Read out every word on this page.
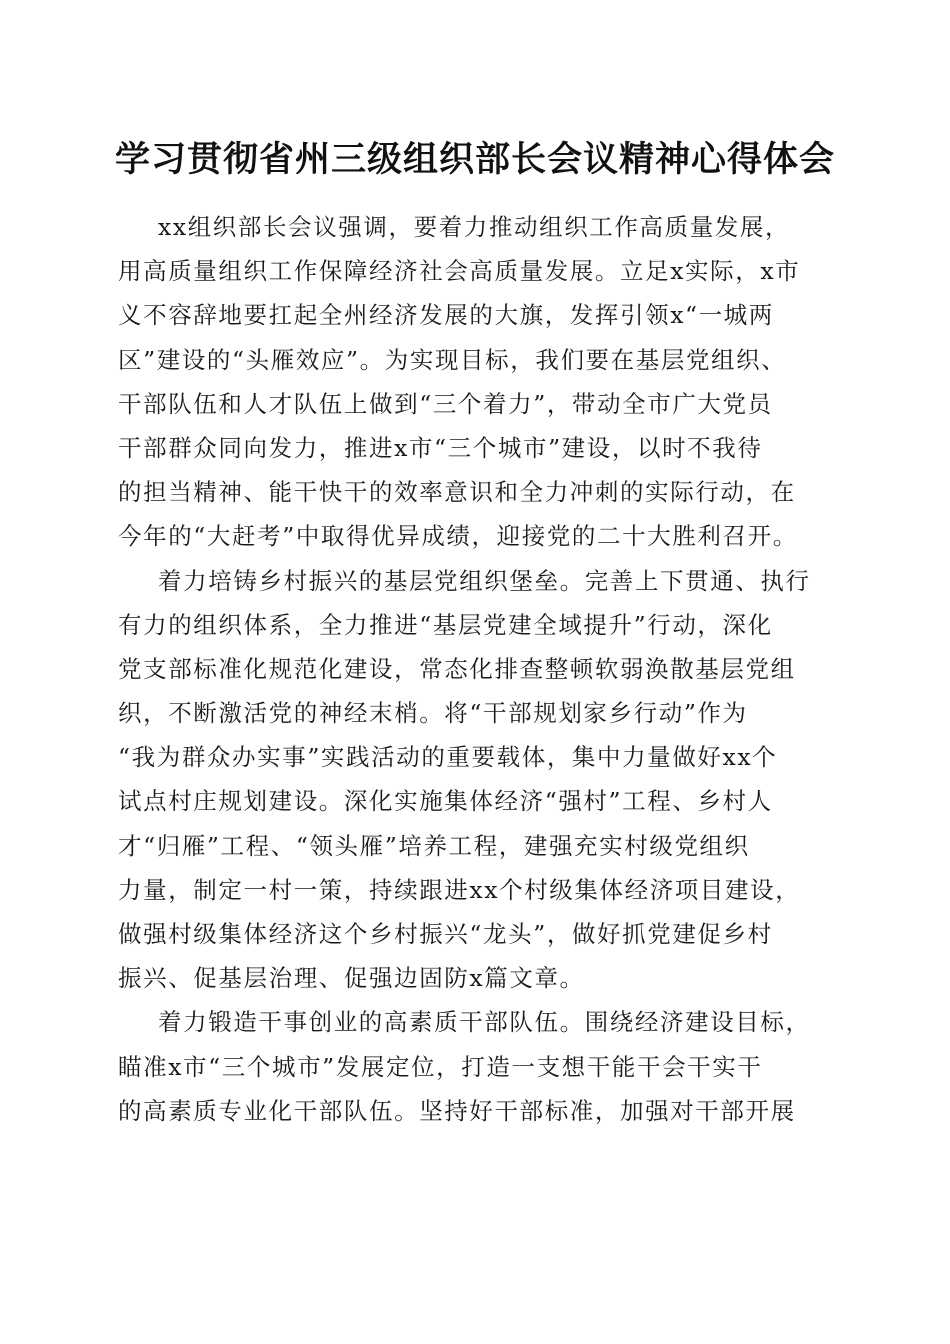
学习贯彻省州三级组织部长会议精神心得体会
xx组织部长会议强调，要着力推动组织工作高质量发展，
用高质量组织工作保障经济社会高质量发展。立足x实际，x市
义不容辞地要扛起全州经济发展的大旗，发挥引领x“一城两
区”建设的“头雁效应”。为实现目标，我们要在基层党组织、
干部队伍和人才队伍上做到“三个着力”，带动全市广大党员
干部群众同向发力，推进x市“三个城市”建设，以时不我待
的担当精神、能干快干的效率意识和全力冲刺的实际行动，在
今年的“大赶考”中取得优异成绩，迎接党的二十大胜利召开。
着力培铸乡村振兴的基层党组织堡垒。完善上下贯通、执行
有力的组织体系，全力推进“基层党建全域提升”行动，深化
党支部标准化规范化建设，常态化排查整顿软弱涣散基层党组
织，不断激活党的神经末梢。将“干部规划家乡行动”作为
“我为群众办实事”实践活动的重要载体，集中力量做好xx个
试点村庄规划建设。深化实施集体经济“强村”工程、乡村人
才“归雁”工程、“领头雁”培养工程，建强充实村级党组织
力量，制定一村一策，持续跟进xx个村级集体经济项目建设，
做强村级集体经济这个乡村振兴“龙头”，做好抓党建促乡村
振兴、促基层治理、促强边固防x篇文章。
着力锻造干事创业的高素质干部队伍。围绕经济建设目标，
瞄准x市“三个城市”发展定位，打造一支想干能干会干实干
的高素质专业化干部队伍。坚持好干部标准，加强对干部开展
